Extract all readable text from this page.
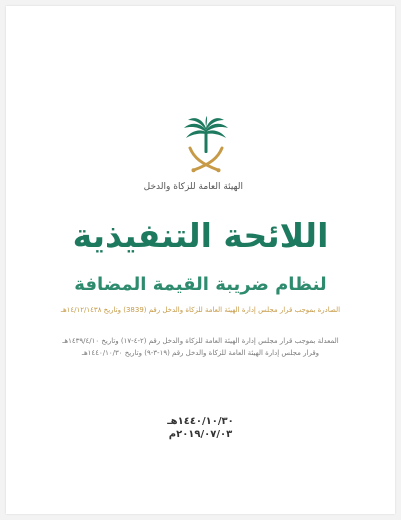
الهيئة العامة للزكاة والدخل
اللائحة التنفيذية
لنظام ضريبة القيمة المضافة
الصادرة بموجب قرار مجلس إدارة الهيئة العامة للزكاة والدخل رقم (3839) وتاريخ ١٤/١٢/١٤٣٨هـ
المعدلة بموجب قرار مجلس إدارة الهيئة العامة للزكاة والدخل رقم (٢-٤-١٧) وتاريخ ١٤٣٩/٤/١٠هـ
وقرار مجلس إدارة الهيئة العامة للزكاة والدخل رقم (١٩-٣-٩) وتاريخ ١٤٤٠/١٠/٣٠هـ
١٤٤٠/١٠/٣٠هـ
٢٠١٩/٠٧/٠٣م
